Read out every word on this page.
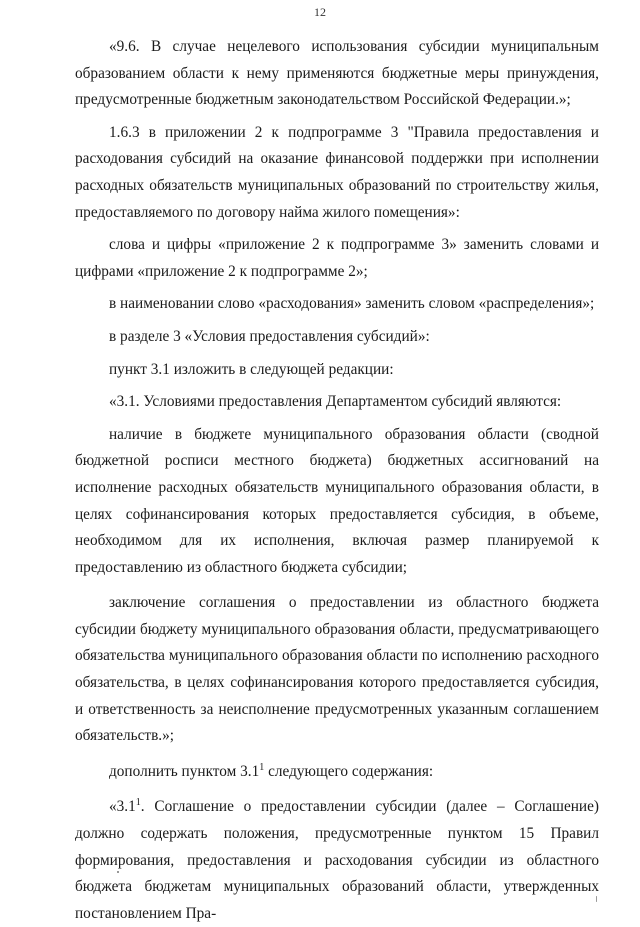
12

«9.6. В случае нецелевого использования субсидии муниципальным образованием области к нему применяются бюджетные меры принуждения, предусмотренные бюджетным законодательством Российской Федерации.»;

1.6.3 в приложении 2 к подпрограмме 3 "Правила предоставления и расходования субсидий на оказание финансовой поддержки при исполнении расходных обязательств муниципальных образований по строительству жилья, предоставляемого по договору найма жилого помещения»:

слова и цифры «приложение 2 к подпрограмме 3» заменить словами и цифрами «приложение 2 к подпрограмме 2»;

в наименовании слово «расходования» заменить словом «распределения»;

в разделе 3 «Условия предоставления субсидий»:

пункт 3.1 изложить в следующей редакции:

«3.1. Условиями предоставления Департаментом субсидий являются:

наличие в бюджете муниципального образования области (сводной бюджетной росписи местного бюджета) бюджетных ассигнований на исполнение расходных обязательств муниципального образования области, в целях софинансирования которых предоставляется субсидия, в объеме, необходимом для их исполнения, включая размер планируемой к предоставлению из областного бюджета субсидии;

заключение соглашения о предоставлении из областного бюджета субсидии бюджету муниципального образования области, предусматривающего обязательства муниципального образования области по исполнению расходного обязательства, в целях софинансирования которого предоставляется субсидия, и ответственность за неисполнение предусмотренных указанным соглашением обязательств.»;

дополнить пунктом $3.1^1$ следующего содержания:

«$3.1^1$. Соглашение о предоставлении субсидии (далее – Соглашение) должно содержать положения, предусмотренные пунктом 15 Правил формирования, предоставления и расходования субсидии из областного бюджета бюджетам муниципальных образований области, утвержденных постановлением Пра-
